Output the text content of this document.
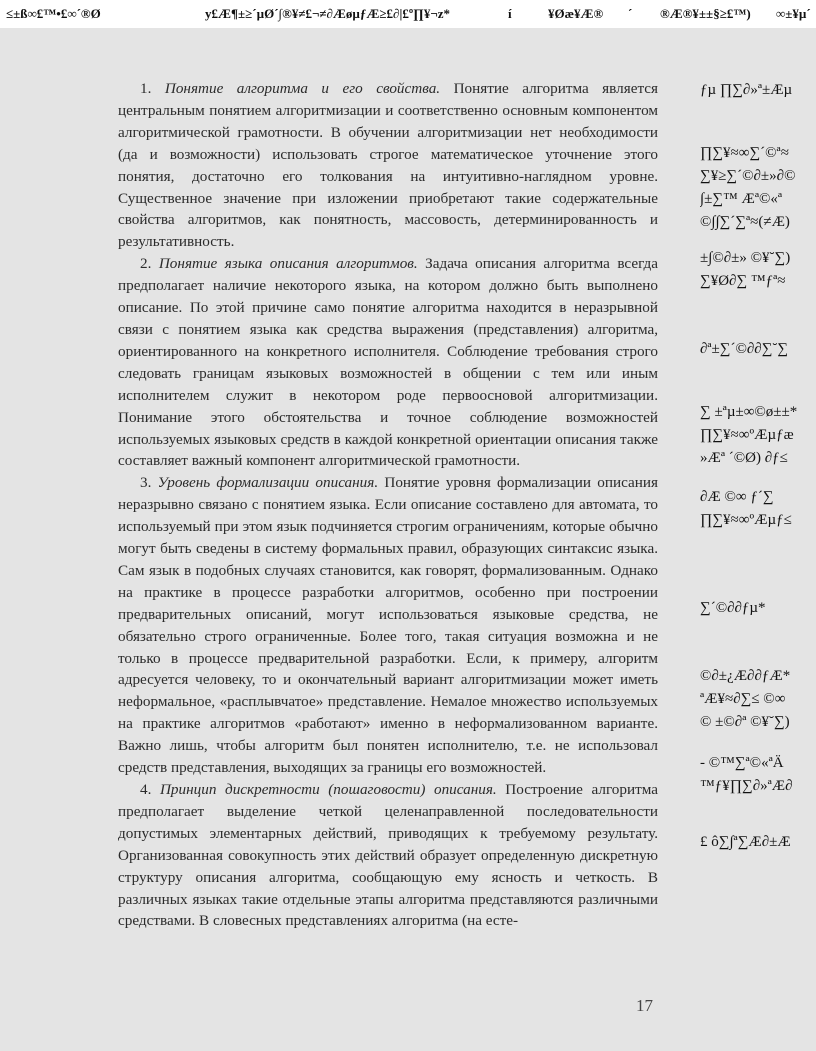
≤±ß∞£™•£∞´®Ø	y£Æ¶±≥´µØ´∫®¥≠£¬≠∂ÆøµƒÆ≥£∂|£º∏¥¬z*	í	¥Øæ¥Æ® ´ ®Æ®¥±±§≥£™) ∞±¥µ´

1. Понятие алгоритма и его свойства. Понятие алгоритма является центральным понятием алгоритмизации и соответственно основным компонентом алгоритмической грамотности. В обучении алгоритмизации нет необходимости (да и возможности) использовать строгое математическое уточнение этого понятия, достаточно его толкования на интуитивно-наглядном уровне. Существенное значение при изложении приобретают такие содержательные свойства алгоритмов, как понятность, массовость, детерминированность и результативность.

2. Понятие языка описания алгоритмов. Задача описания алгоритма всегда предполагает наличие некоторого языка, на котором должно быть выполнено описание. По этой причине само понятие алгоритма находится в неразрывной связи с понятием языка как средства выражения (представления) алгоритма, ориентированного на конкретного исполнителя. Соблюдение требования строго следовать границам языковых возможностей в общении с тем или иным исполнителем служит в некотором роде первоосновой алгоритмизации. Понимание этого обстоятельства и точное соблюдение возможностей используемых языковых средств в каждой конкретной ориентации описания также составляет важный компонент алгоритмической грамотности.

3. Уровень формализации описания. Понятие уровня формализации описания неразрывно связано с понятием языка. Если описание составлено для автомата, то используемый при этом язык подчиняется строгим ограничениям, которые обычно могут быть сведены в систему формальных правил, образующих синтаксис языка. Сам язык в подобных случаях становится, как говорят, формализованным. Однако на практике в процессе разработки алгоритмов, особенно при построении предварительных описаний, могут использоваться языковые средства, не обязательно строго ограниченные. Более того, такая ситуация возможна и не только в процессе предварительной разработки. Если, к примеру, алгоритм адресуется человеку, то и окончательный вариант алгоритмизации может иметь неформальное, «расплывчатое» представление. Немалое множество используемых на практике алгоритмов «работают» именно в неформализованном варианте. Важно лишь, чтобы алгоритм был понятен исполнителю, т.е. не использовал средств представления, выходящих за границы его возможностей.

4. Принцип дискретности (пошаговости) описания. Построение алгоритма предполагает выделение четкой целенаправленной последовательности допустимых элементарных действий, приводящих к требуемому результату. Организованная совокупность этих действий образует определенную дискретную структуру описания алгоритма, сообщающую ему ясность и четкость. В различных языках такие отдельные этапы алгоритма представляются различными средствами. В словесных представлениях алгоритма (на есте-

17
ƒµ ∏∑∂»ª±Æµ
∏∑¥≈∞∑´©ª≈
∑¥≥∑´©∂±»∂©
∫±∑™ Æª©«ª
©∫∫∑´∑ª≈(≠Æ)
±∫©∂±» ©¥˘∑)
∑¥Ø∂∑ ™ƒª≈
∂ª±∑´©∂∂∑˘∑
∑ ±ªµ±∞©ø±±*
∏∑¥≈∞ºÆµƒæ
»Æª ´©Ø) ∂ƒ≤
∂Æ ©∞ ƒ´∑
∏∑¥≈∞ºÆµƒ≤
∑´©∂∂ƒµ*
©∂±¿Æ∂∂ƒÆ*
ªÆ¥≈∂∑≤ ©∞
© ±©∂ª ©¥˘∑)
- ©™∑ª©«ªÄ
™ƒ¥∏∑∂»ªÆ∂
£ ô∑∫ª∑Æ∂±Æ
